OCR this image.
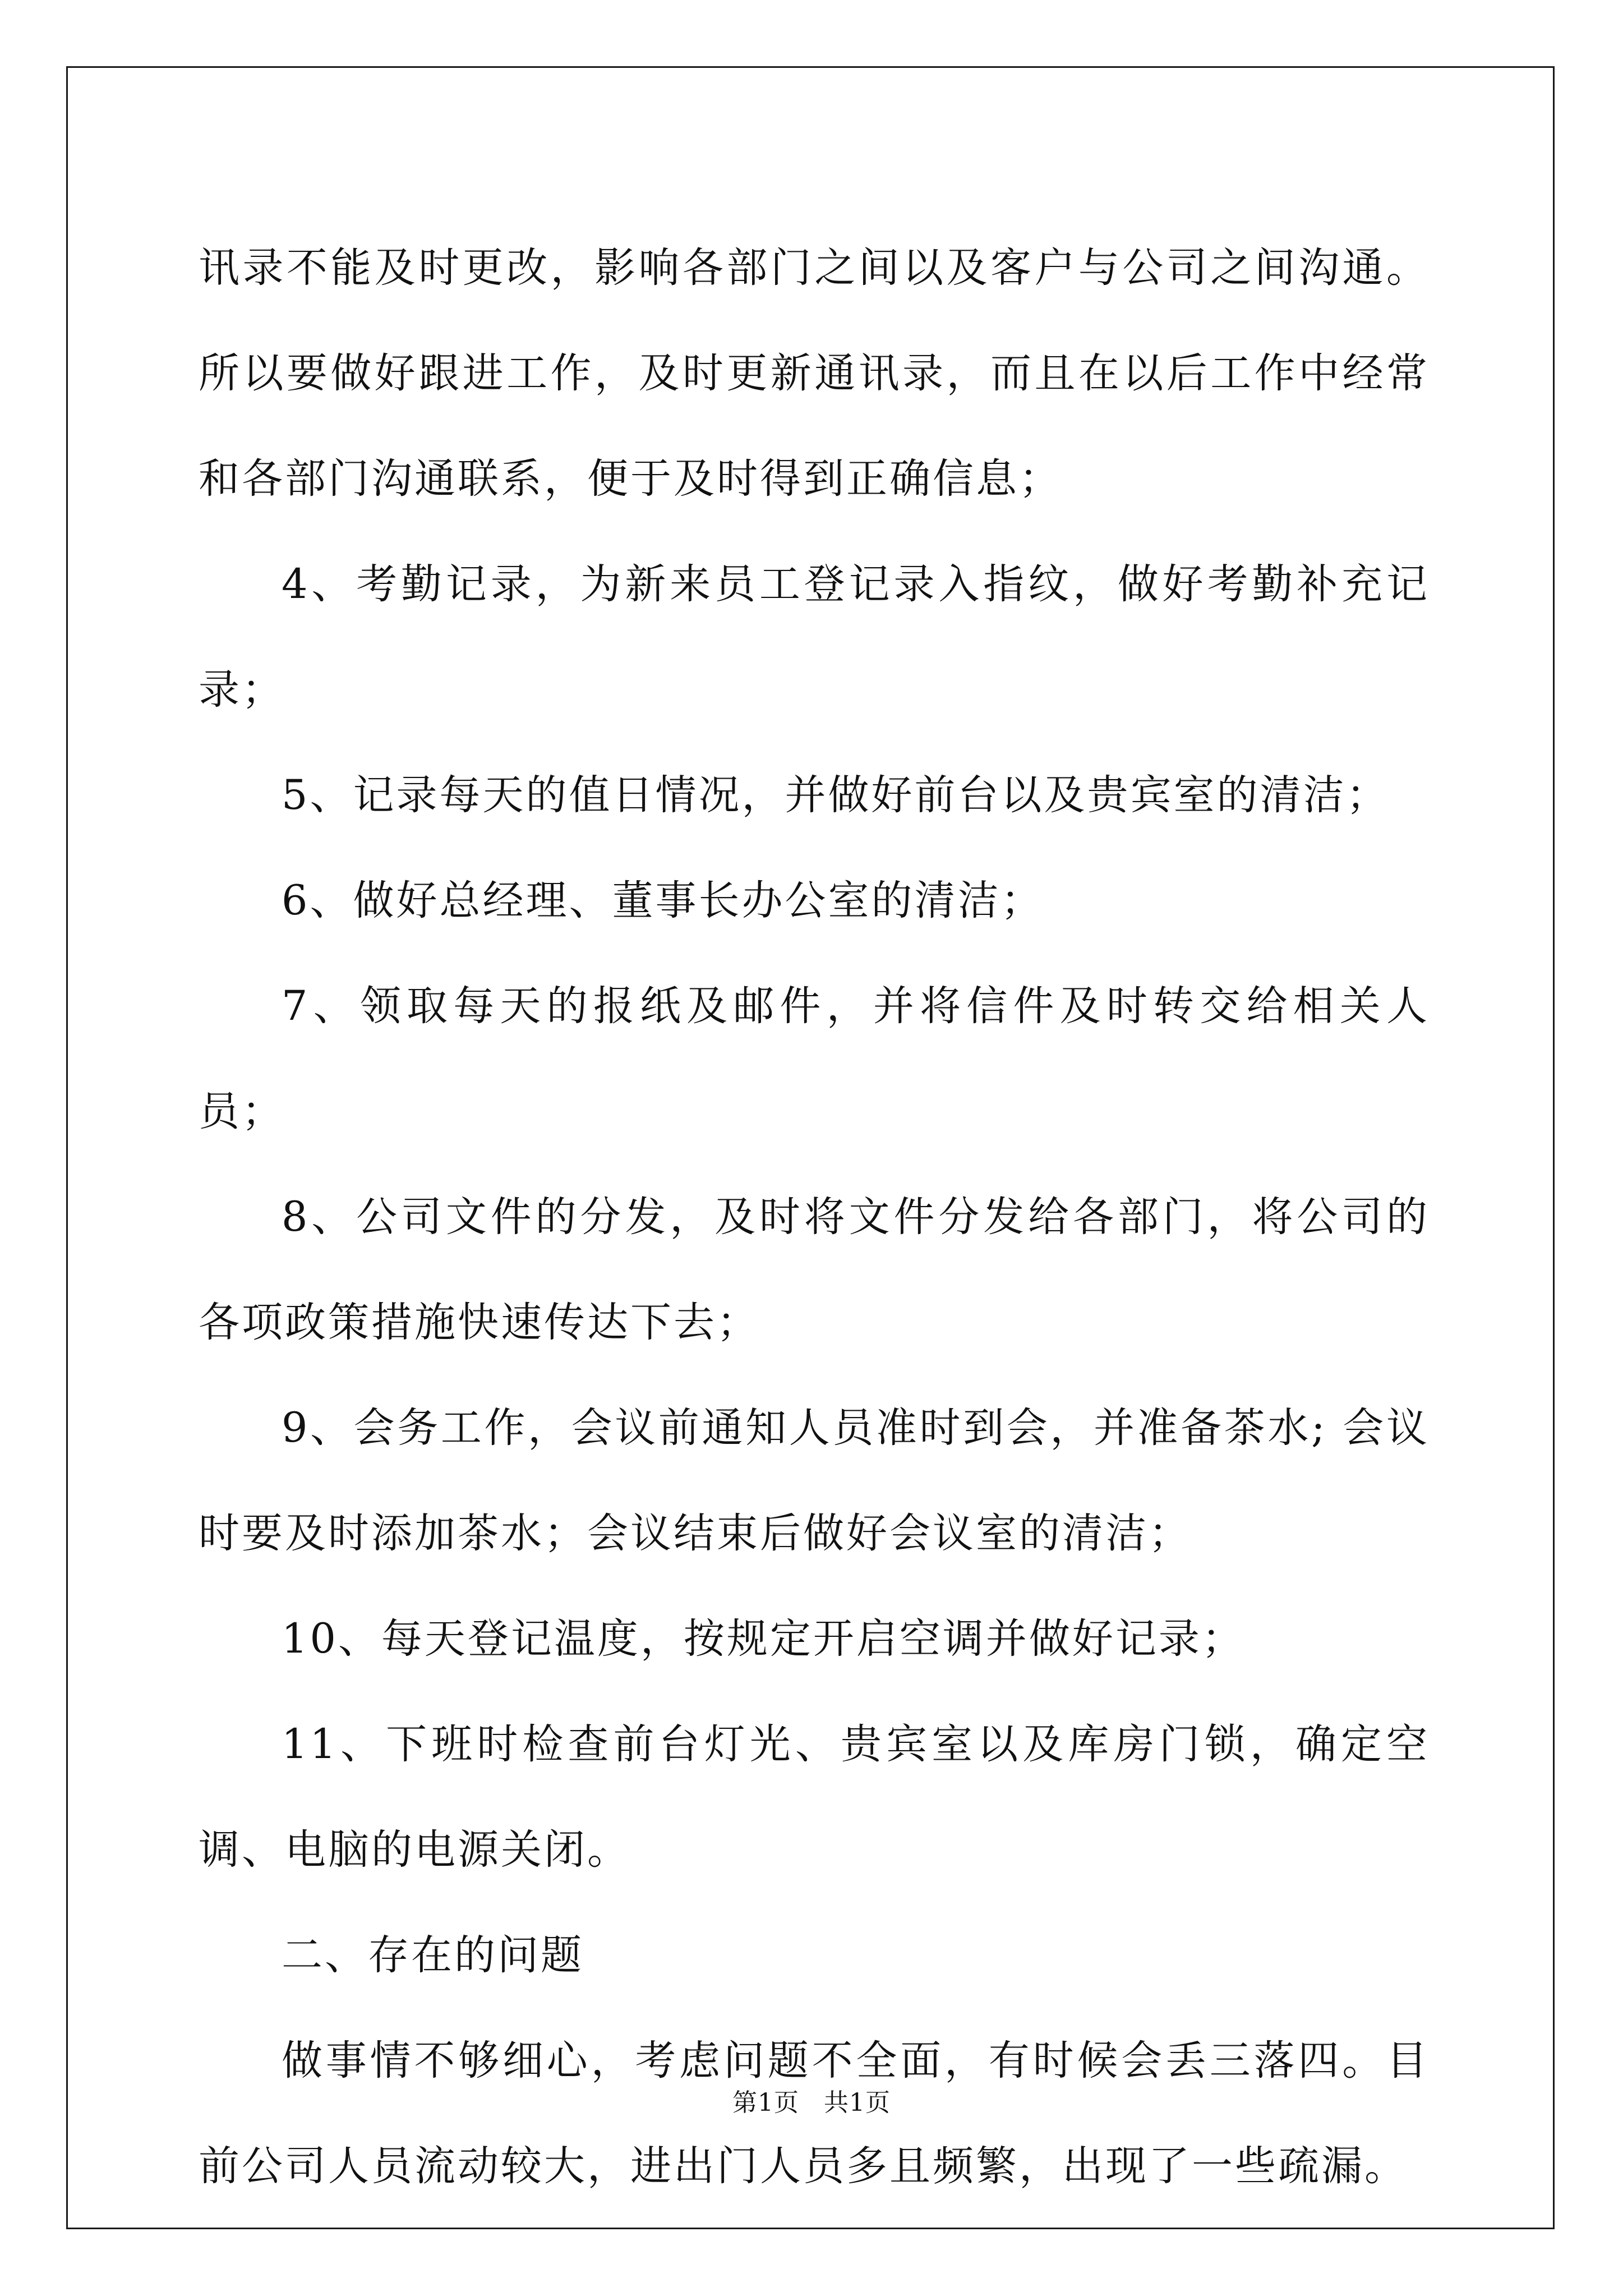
讯录不能及时更改，影响各部门之间以及客户与公司之间沟通。所以要做好跟进工作，及时更新通讯录，而且在以后工作中经常和各部门沟通联系，便于及时得到正确信息；

4、考勤记录，为新来员工登记录入指纹，做好考勤补充记录；

5、记录每天的值日情况，并做好前台以及贵宾室的清洁；

6、做好总经理、董事长办公室的清洁；

7、领取每天的报纸及邮件，并将信件及时转交给相关人员；

8、公司文件的分发，及时将文件分发给各部门，将公司的各项政策措施快速传达下去；

9、会务工作，会议前通知人员准时到会，并准备茶水; 会议时要及时添加茶水；会议结束后做好会议室的清洁；

10、每天登记温度，按规定开启空调并做好记录；

11、下班时检查前台灯光、贵宾室以及库房门锁，确定空调、电脑的电源关闭。

二、存在的问题

做事情不够细心，考虑问题不全面，有时候会丢三落四。目前公司人员流动较大，进出门人员多且频繁，出现了一些疏漏。

第1页 共1页
